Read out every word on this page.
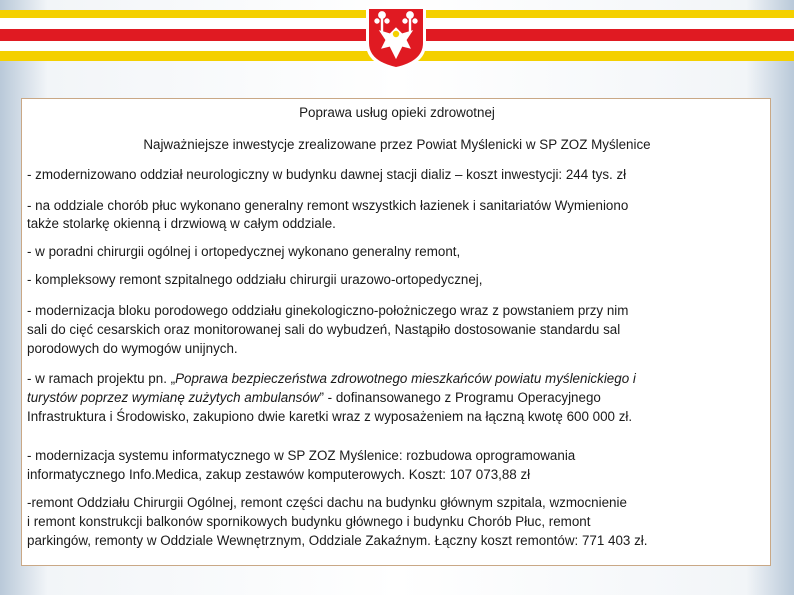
Poprawa usług opieki zdrowotnej
Najważniejsze inwestycje zrealizowane przez Powiat Myślenicki w SP ZOZ Myślenice
- zmodernizowano oddział neurologiczny w budynku dawnej stacji dializ – koszt inwestycji: 244 tys. zł
- na oddziale chorób płuc wykonano generalny remont wszystkich łazienek i sanitariatów Wymieniono
także stolarkę okienną i drzwiową w całym oddziale.
- w poradni chirurgii ogólnej i ortopedycznej wykonano generalny remont,
- kompleksowy remont szpitalnego oddziału chirurgii urazowo-ortopedycznej,
- modernizacja bloku porodowego oddziału ginekologiczno-położniczego wraz z powstaniem przy nim
sali do cięć cesarskich oraz monitorowanej sali do wybudzeń, Nastąpiło dostosowanie standardu sal
porodowych do wymogów unijnych.
- w ramach projektu pn. „Poprawa bezpieczeństwa zdrowotnego mieszkańców powiatu myślenickiego i
turystów poprzez wymianę zużytych ambulansów” - dofinansowanego z Programu Operacyjnego
Infrastruktura i Środowisko, zakupiono dwie karetki wraz z wyposażeniem na łączną kwotę 600 000 zł.
- modernizacja systemu informatycznego w SP ZOZ Myślenice: rozbudowa oprogramowania
informatycznego Info.Medica, zakup zestawów komputerowych. Koszt: 107 073,88 zł
-remont Oddziału Chirurgii Ogólnej, remont części dachu na budynku głównym szpitala, wzmocnienie
i remont konstrukcji balkonów spornikowych budynku głównego i budynku Chorób Płuc, remont
parkingów, remonty w Oddziale Wewnętrznym, Oddziale Zakaźnym. Łączny koszt remontów: 771 403 zł.
